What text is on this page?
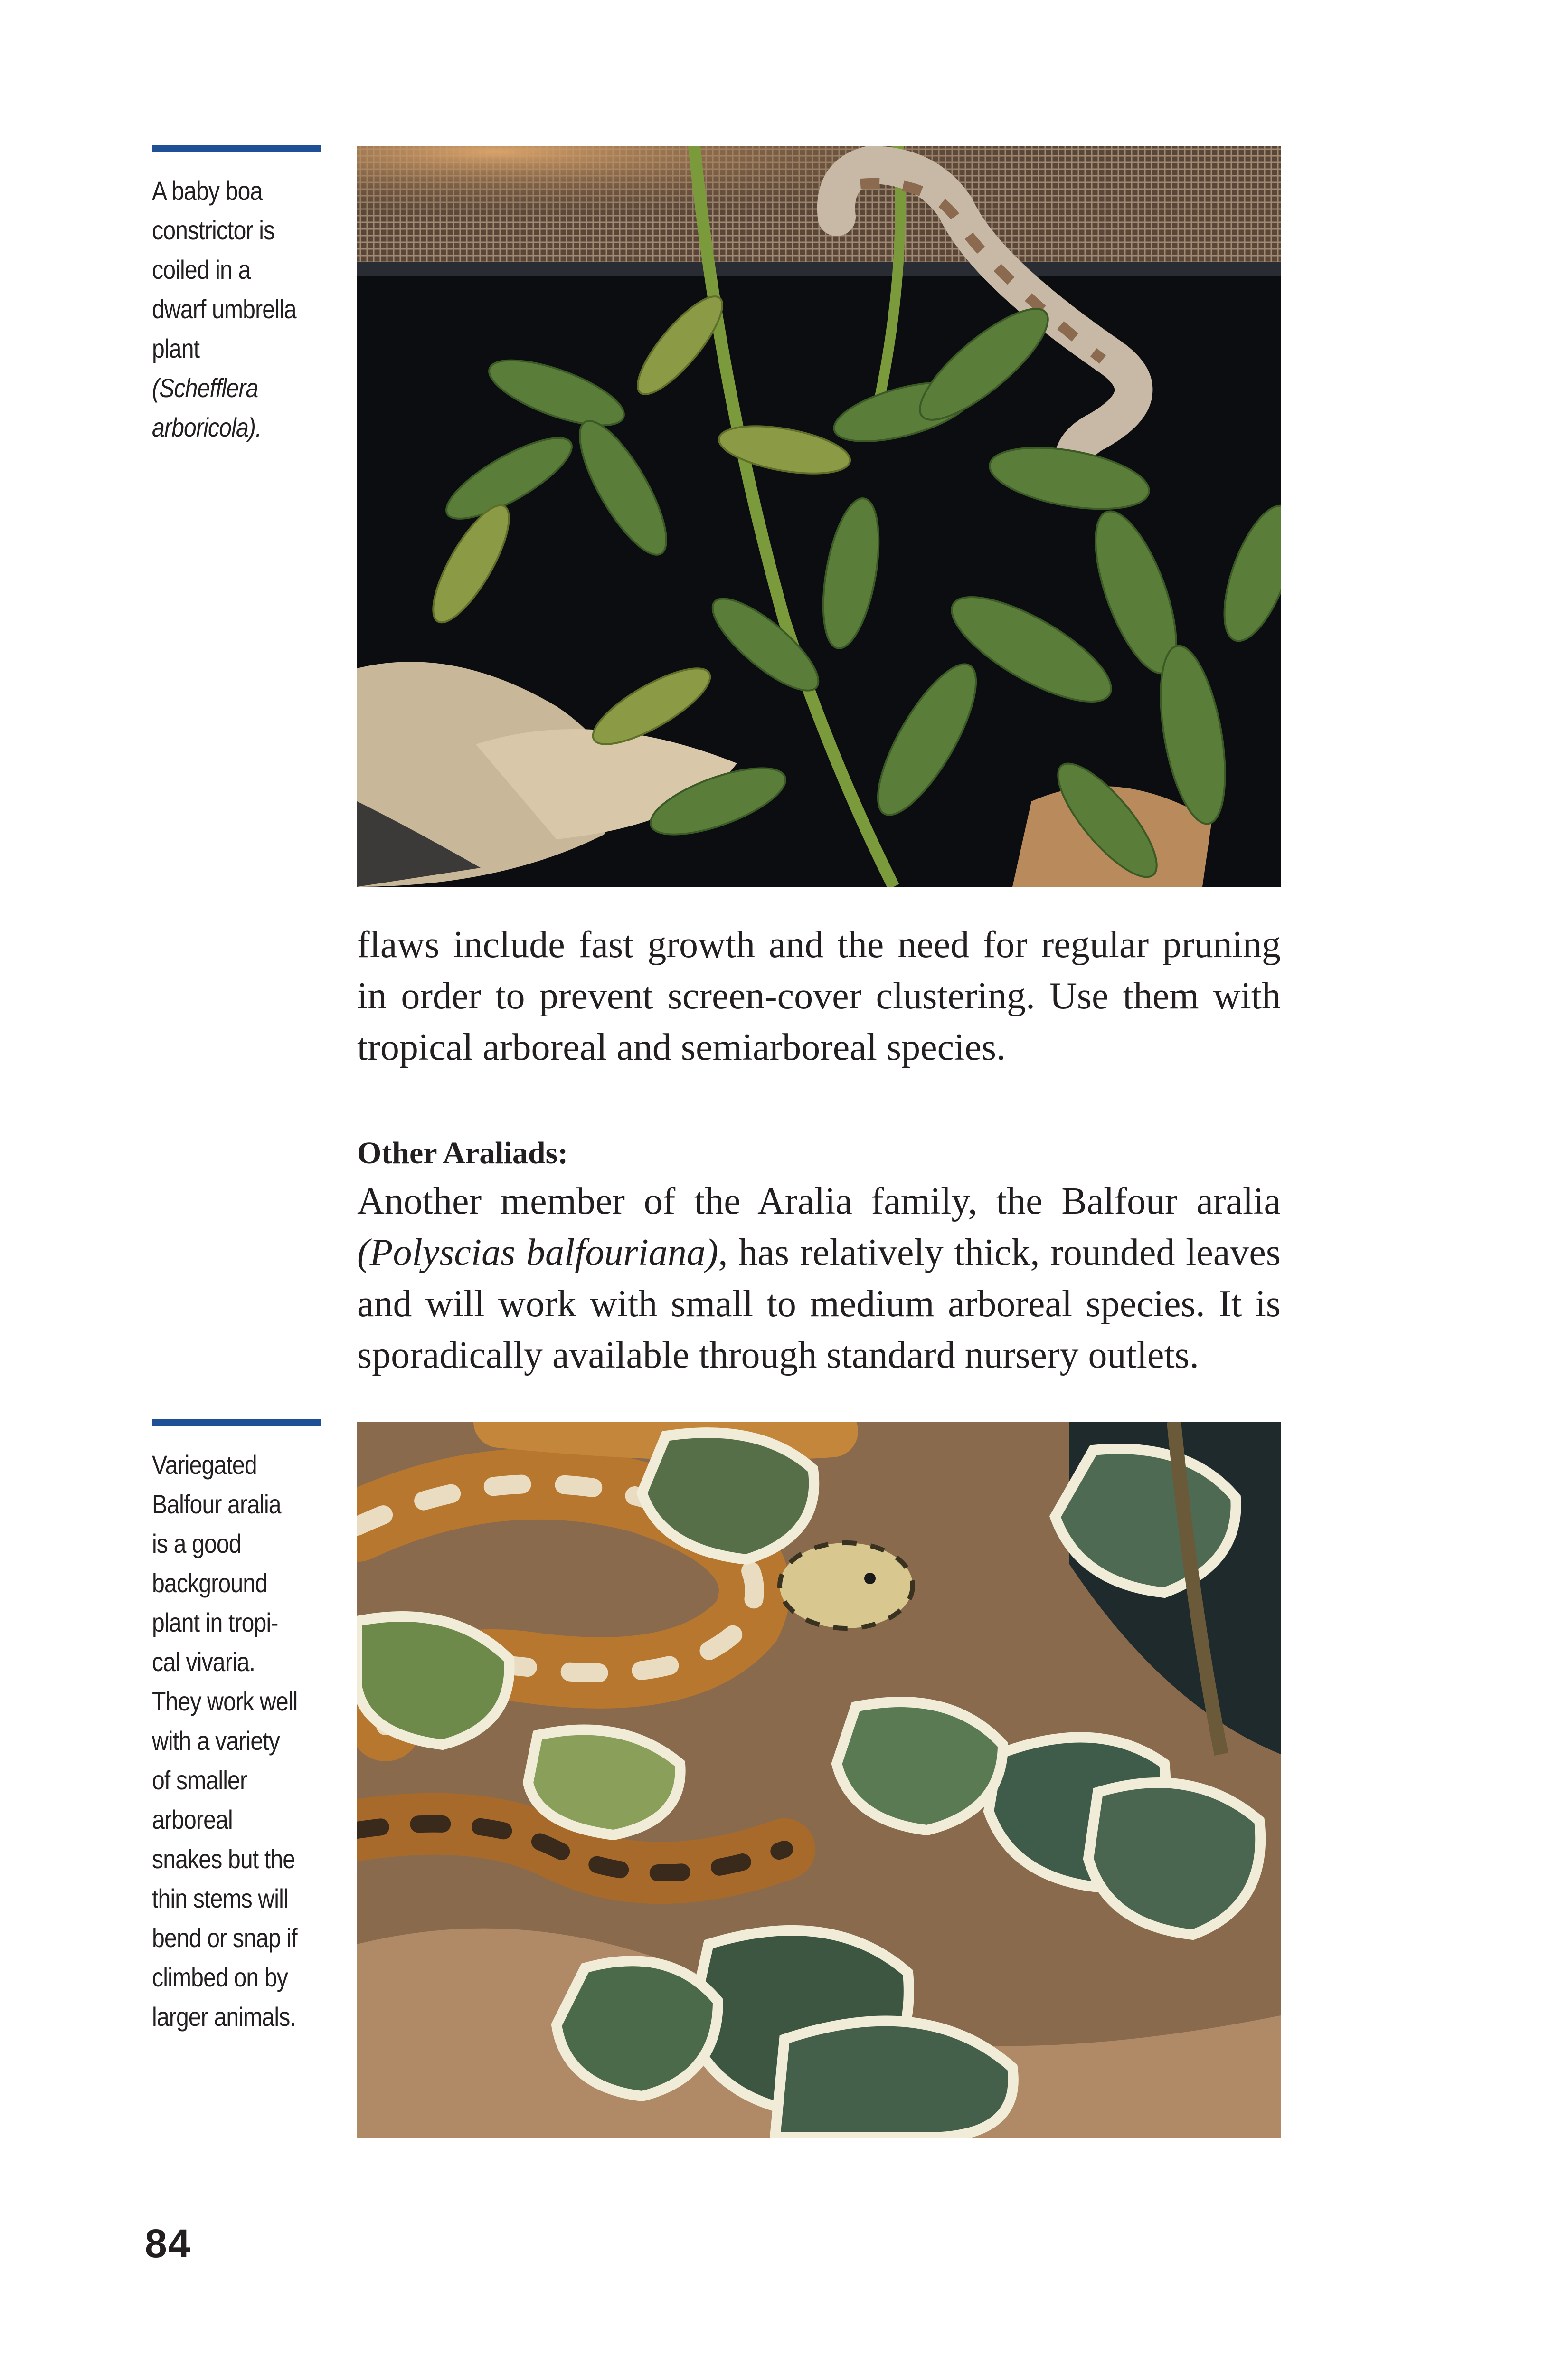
A baby boa
constrictor is
coiled in a
dwarf umbrella
plant
(Schefflera
arboricola).
flaws include fast growth and the need for regular pruning
in order to prevent screen-cover clustering. Use them with
tropical arboreal and semiarboreal species.
Other Araliads:
Another member of the Aralia family, the Balfour aralia
(Polyscias balfouriana), has relatively thick, rounded leaves
and will work with small to medium arboreal species. It is
sporadically available through standard nursery outlets.
Variegated
Balfour aralia
is a good
background
plant in tropi-
cal vivaria.
They work well
with a variety
of smaller
arboreal
snakes but the
thin stems will
bend or snap if
climbed on by
larger animals.
84
